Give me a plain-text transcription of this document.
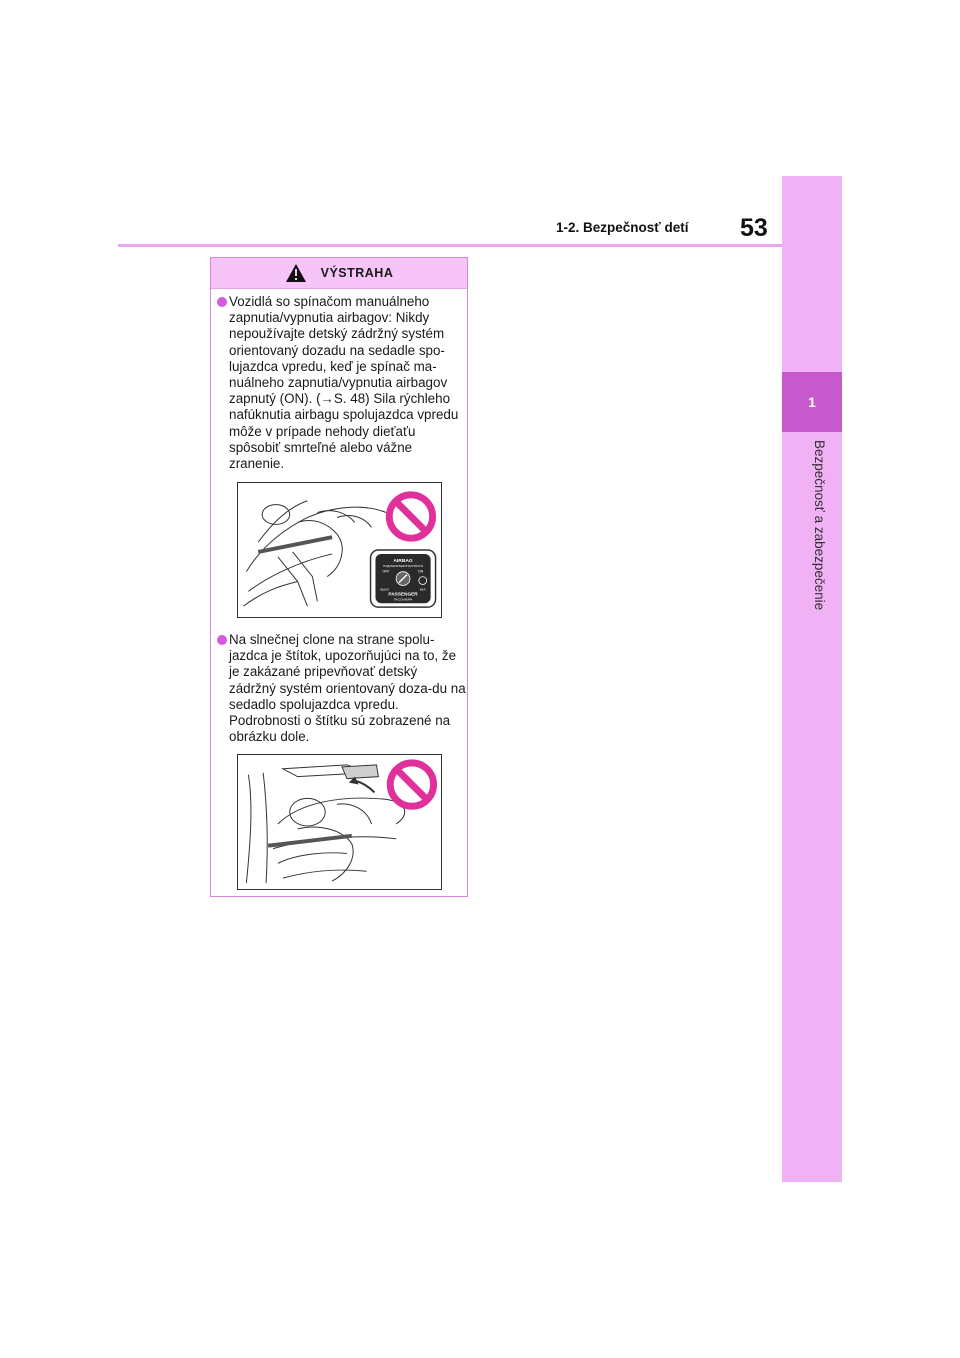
1
Bezpečnosť a zabezpečenie
1-2. Bezpečnosť detí 53
VÝSTRAHA
Vozidlá so spínačom manuálneho zapnutia/vypnutia airbagov: Nikdy nepoužívajte detský zádržný systém orientovaný dozadu na sedadle spo-lujazdca vpredu, keď je spínač ma-nuálneho zapnutia/vypnutia airbagov zapnutý (ON). (→S. 48) Sila rýchleho nafúknutia airbagu spolujazdca vpredu môže v prípade nehody dieťaťu spôsobiť smrteľné alebo vážne zranenie.
AIRBAG
ПОДУШКИ БЕЗОПАСНОСТИ
OFF	ON
ВЫКЛ	ВКЛ
PASSENGER
ПАССАЖИРА
Na slnečnej clone na strane spolu-jazdca je štítok, upozorňujúci na to, že je zakázané pripevňovať detský zádržný systém orientovaný doza-du na sedadlo spolujazdca vpredu. Podrobnosti o štítku sú zobrazené na obrázku dole.
